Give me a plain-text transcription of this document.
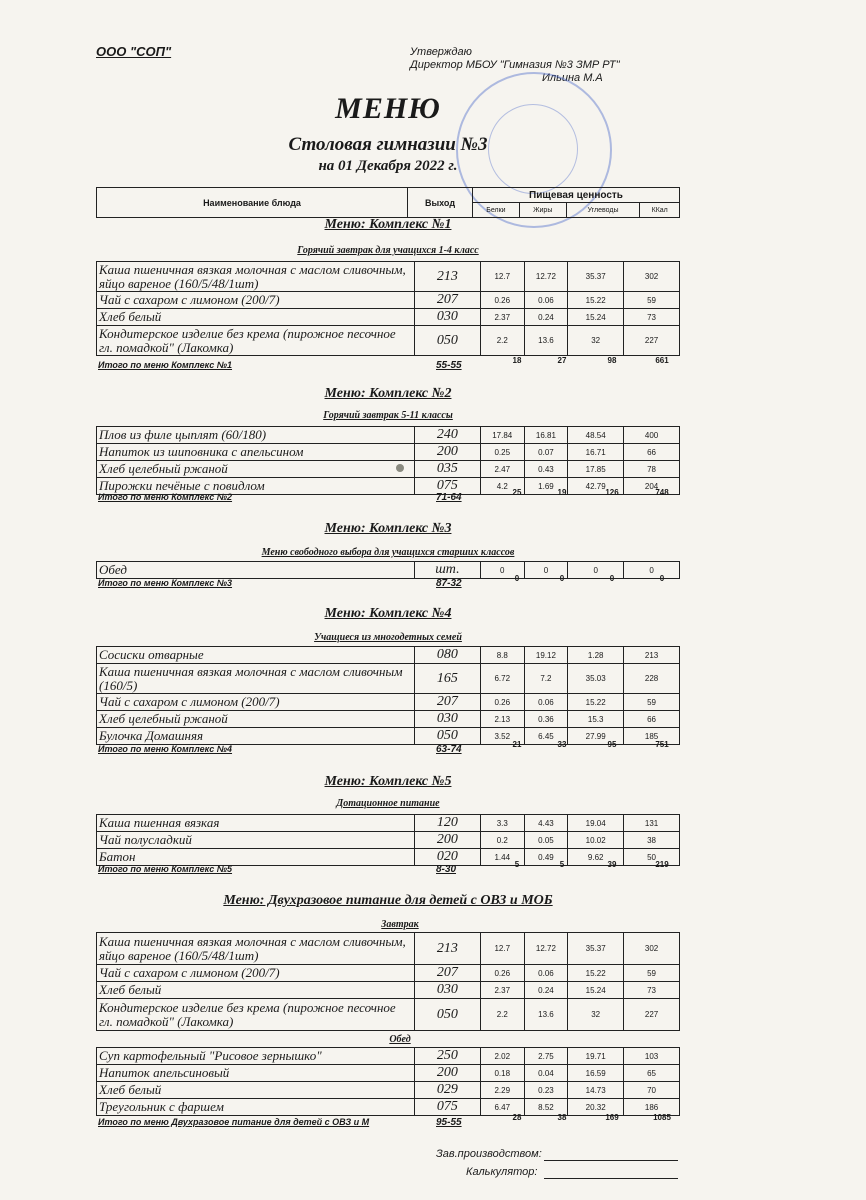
ООО "СОП"	Утверждаю
Директор МБОУ "Гимназия №3 ЗМР РТ"
Ильина М.А
МЕНЮ
Столовая гимназии №3
на 01 Декабря 2022 г.
Наименование блюда	Выход	Пищевая ценность			
		Белки	Жиры	Углеводы	ККал
Меню: Комплекс №1
Горячий завтрак для учащихся 1-4 класс
Каша пшеничная вязкая молочная с маслом сливочным, яйцо вареное (160/5/48/1шт)	213	12.7	12.72	35.37	302
Чай с сахаром с лимоном (200/7)	207	0.26	0.06	15.22	59
Хлеб белый	030	2.37	0.24	15.24	73
Кондитерское изделие без крема (пирожное песочное гл. помадкой" (Лакомка)	050	2.2	13.6	32	227
Итого по меню Комплекс №1	55-55	18	27	98	661
Меню: Комплекс №2
Горячий завтрак 5-11 классы
Плов из филе цыплят (60/180)	240	17.84	16.81	48.54	400
Напиток из шиповника с апельсином	200	0.25	0.07	16.71	66
Хлеб целебный ржаной	035	2.47	0.43	17.85	78
Пирожки печёные с повидлом	075	4.2	1.69	42.79	204
Итого по меню Комплекс №2	71-64	25	19	126	748
Меню: Комплекс №3
Меню свободного выбора для учащихся старших классов
Обед	шт.	0	0	0	0
Итого по меню Комплекс №3	87-32	0	0	0	0
Меню: Комплекс №4
Учащиеся из многодетных семей
Сосиски отварные	080	8.8	19.12	1.28	213
Каша пшеничная вязкая молочная с маслом сливочным (160/5)	165	6.72	7.2	35.03	228
Чай с сахаром с лимоном (200/7)	207	0.26	0.06	15.22	59
Хлеб целебный ржаной	030	2.13	0.36	15.3	66
Булочка Домашняя	050	3.52	6.45	27.99	185
Итого по меню Комплекс №4	63-74	21	33	95	751
Меню: Комплекс №5
Дотационное питание
Каша пшенная вязкая	120	3.3	4.43	19.04	131
Чай полусладкий	200	0.2	0.05	10.02	38
Батон	020	1.44	0.49	9.62	50
Итого по меню Комплекс №5	8-30	5	5	39	219
Меню: Двухразовое питание для детей с ОВЗ и МОБ
Завтрак
Каша пшеничная вязкая молочная с маслом сливочным, яйцо вареное (160/5/48/1шт)	213	12.7	12.72	35.37	302
Чай с сахаром с лимоном (200/7)	207	0.26	0.06	15.22	59
Хлеб белый	030	2.37	0.24	15.24	73
Кондитерское изделие без крема (пирожное песочное гл. помадкой" (Лакомка)	050	2.2	13.6	32	227
Обед
Суп картофельный "Рисовое зернышко"	250	2.02	2.75	19.71	103
Напиток апельсиновый	200	0.18	0.04	16.59	65
Хлеб белый	029	2.29	0.23	14.73	70
Треугольник с фаршем	075	6.47	8.52	20.32	186
Итого по меню Двухразовое питание для детей с ОВЗ и М	95-55	28	38	169	1085
Зав.производством:
Калькулятор:
